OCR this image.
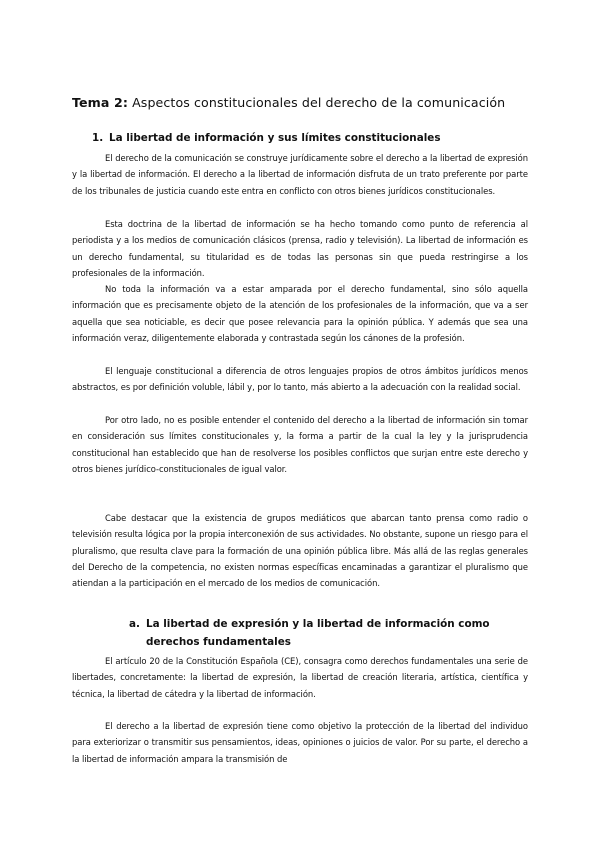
Tema 2: Aspectos constitucionales del derecho de la comunicación
1. La libertad de información y sus límites constitucionales

El derecho de la comunicación se construye jurídicamente sobre el derecho a la libertad de expresión y la libertad de información. El derecho a la libertad de información disfruta de un trato preferente por parte de los tribunales de justicia cuando este entra en conflicto con otros bienes jurídicos constitucionales.

Esta doctrina de la libertad de información se ha hecho tomando como punto de referencia al periodista y a los medios de comunicación clásicos (prensa, radio y televisión). La libertad de información es un derecho fundamental, su titularidad es de todas las personas sin que pueda restringirse a los profesionales de la información.

No toda la información va a estar amparada por el derecho fundamental, sino sólo aquella información que es precisamente objeto de la atención de los profesionales de la información, que va a ser aquella que sea noticiable, es decir que posee relevancia para la opinión pública. Y además que sea una información veraz, diligentemente elaborada y contrastada según los cánones de la profesión.

El lenguaje constitucional a diferencia de otros lenguajes propios de otros ámbitos jurídicos menos abstractos, es por definición voluble, lábil y, por lo tanto, más abierto a la adecuación con la realidad social.

Por otro lado, no es posible entender el contenido del derecho a la libertad de información sin tomar en consideración sus límites constitucionales y, la forma a partir de la cual la ley y la jurisprudencia constitucional han establecido que han de resolverse los posibles conflictos que surjan entre este derecho y otros bienes jurídico-constitucionales de igual valor.

Cabe destacar que la existencia de grupos mediáticos que abarcan tanto prensa como radio o televisión resulta lógica por la propia interconexión de sus actividades. No obstante, supone un riesgo para el pluralismo, que resulta clave para la formación de una opinión pública libre. Más allá de las reglas generales del Derecho de la competencia, no existen normas específicas encaminadas a garantizar el pluralismo que atiendan a la participación en el mercado de los medios de comunicación.

a. La libertad de expresión y la libertad de información como derechos fundamentales

El artículo 20 de la Constitución Española (CE), consagra como derechos fundamentales una serie de libertades, concretamente: la libertad de expresión, la libertad de creación literaria, artística, científica y técnica, la libertad de cátedra y la libertad de información.

El derecho a la libertad de expresión tiene como objetivo la protección de la libertad del individuo para exteriorizar o transmitir sus pensamientos, ideas, opiniones o juicios de valor. Por su parte, el derecho a la libertad de información ampara la transmisión de
